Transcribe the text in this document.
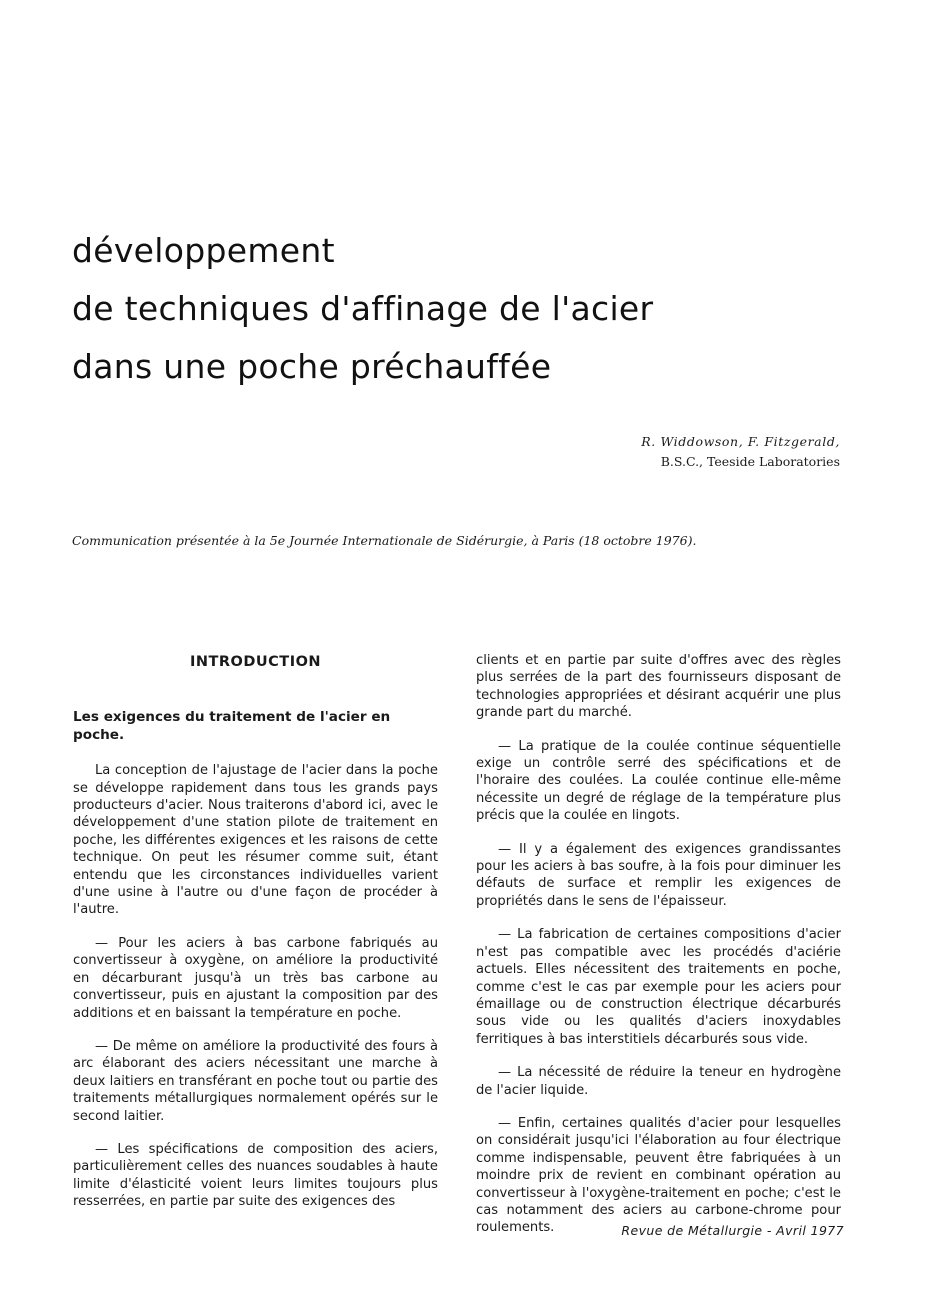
développement
de techniques d'affinage de l'acier
dans une poche préchauffée
R. Widdowson, F. Fitzgerald,
B.S.C., Teeside Laboratories
Communication présentée à la 5e Journée Internationale de Sidérurgie, à Paris (18 octobre 1976).
INTRODUCTION
Les exigences du traitement de l'acier en poche.

La conception de l'ajustage de l'acier dans la poche se développe rapidement dans tous les grands pays producteurs d'acier. Nous traiterons d'abord ici, avec le développement d'une station pilote de traitement en poche, les différentes exigences et les raisons de cette technique. On peut les résumer comme suit, étant entendu que les circonstances individuelles varient d'une usine à l'autre ou d'une façon de procéder à l'autre.

— Pour les aciers à bas carbone fabriqués au convertisseur à oxygène, on améliore la productivité en décarburant jusqu'à un très bas carbone au convertisseur, puis en ajustant la composition par des additions et en baissant la température en poche.

— De même on améliore la productivité des fours à arc élaborant des aciers nécessitant une marche à deux laitiers en transférant en poche tout ou partie des traitements métallurgiques normalement opérés sur le second laitier.

— Les spécifications de composition des aciers, particulièrement celles des nuances soudables à haute limite d'élasticité voient leurs limites toujours plus resserrées, en partie par suite des exigences des

clients et en partie par suite d'offres avec des règles plus serrées de la part des fournisseurs disposant de technologies appropriées et désirant acquérir une plus grande part du marché.

— La pratique de la coulée continue séquentielle exige un contrôle serré des spécifications et de l'horaire des coulées. La coulée continue elle-même nécessite un degré de réglage de la température plus précis que la coulée en lingots.

— Il y a également des exigences grandissantes pour les aciers à bas soufre, à la fois pour diminuer les défauts de surface et remplir les exigences de propriétés dans le sens de l'épaisseur.

— La fabrication de certaines compositions d'acier n'est pas compatible avec les procédés d'aciérie actuels. Elles nécessitent des traitements en poche, comme c'est le cas par exemple pour les aciers pour émaillage ou de construction électrique décarburés sous vide ou les qualités d'aciers inoxydables ferritiques à bas interstitiels décarburés sous vide.

— La nécessité de réduire la teneur en hydrogène de l'acier liquide.

— Enfin, certaines qualités d'acier pour lesquelles on considérait jusqu'ici l'élaboration au four électrique comme indispensable, peuvent être fabriquées à un moindre prix de revient en combinant opération au convertisseur à l'oxygène-traitement en poche; c'est le cas notamment des aciers au carbone-chrome pour roulements.	Revue de Métallurgie - Avril 1977
